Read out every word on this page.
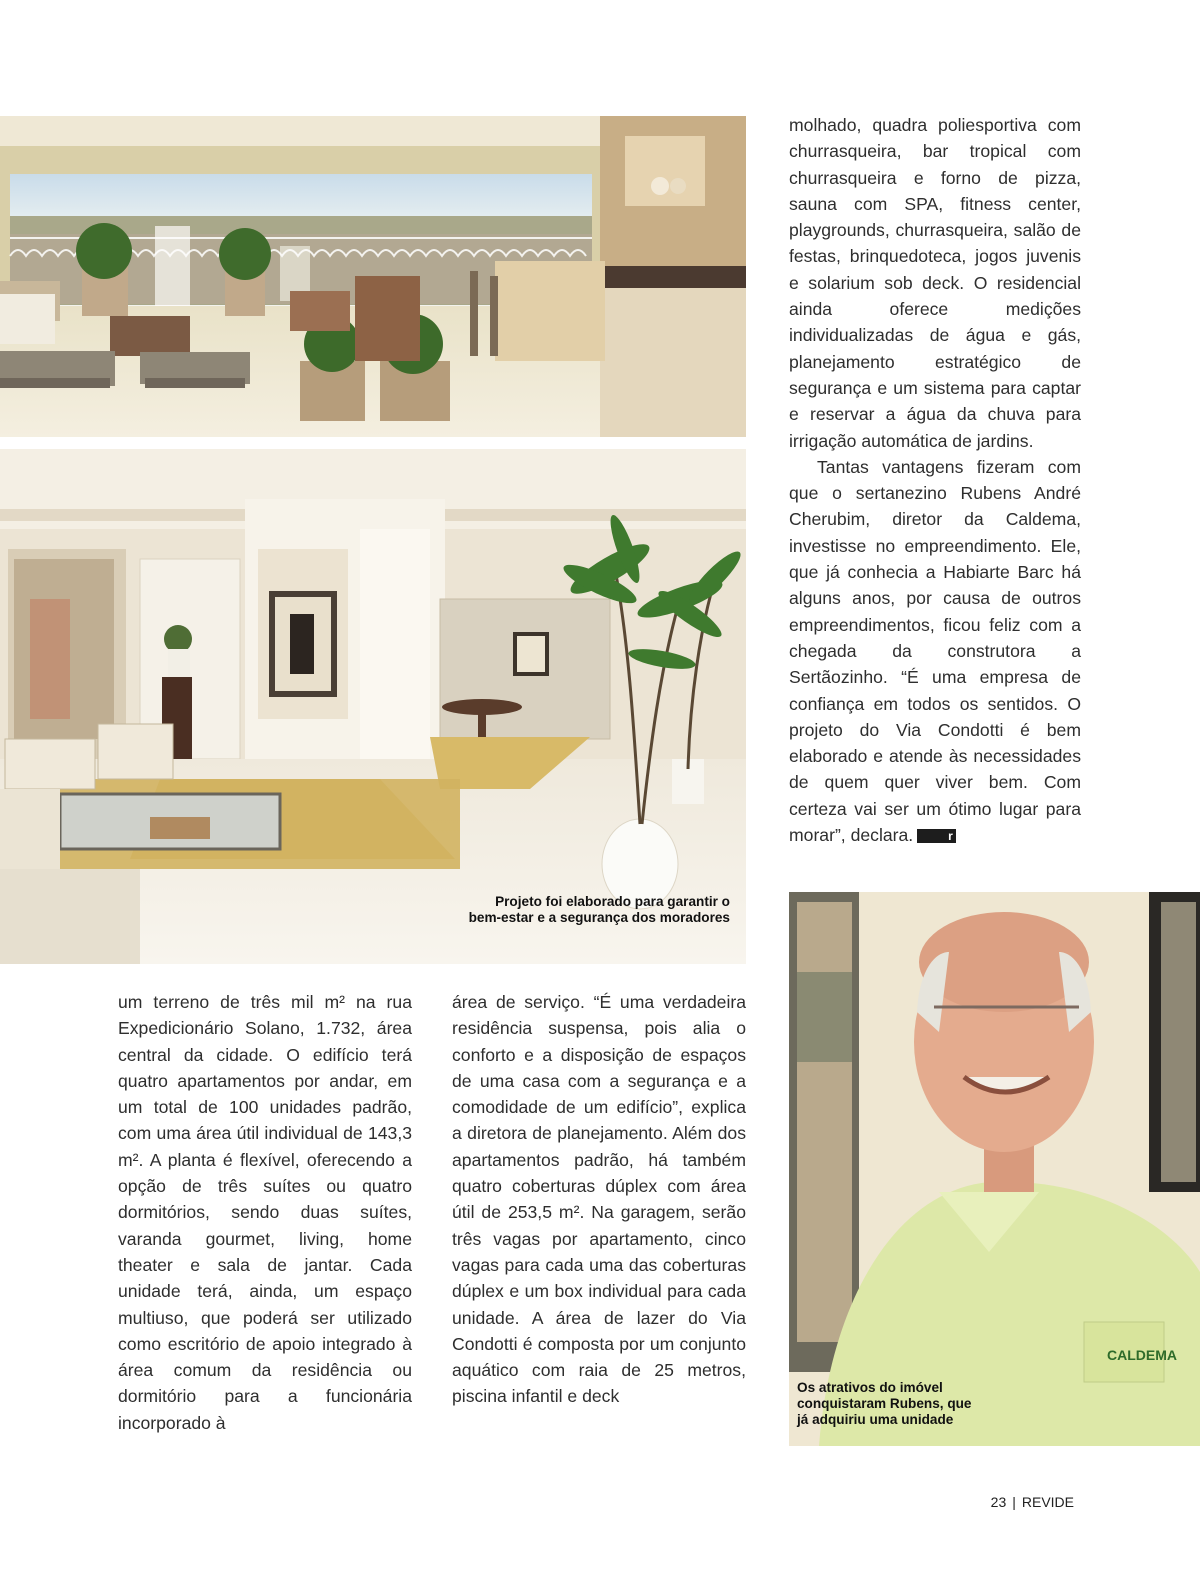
Projeto foi elaborado para garantir o
bem-estar e a segurança dos moradores

molhado, quadra poliesportiva com churrasqueira, bar tropical com churrasqueira e forno de pizza, sauna com SPA, fitness center, playgrounds, churrasqueira, salão de festas, brinquedoteca, jogos juvenis e solarium sob deck. O residencial ainda oferece medições individualizadas de água e gás, planejamento estratégico de segurança e um sistema para captar e reservar a água da chuva para irrigação automática de jardins.

Tantas vantagens fizeram com que o sertanezino Rubens André Cherubim, diretor da Caldema, investisse no empreendimento. Ele, que já conhecia a Habiarte Barc há alguns anos, por causa de outros empreendimentos, ficou feliz com a chegada da construtora a Sertãozinho. “É uma empresa de confiança em todos os sentidos. O projeto do Via Condotti é bem elaborado e atende às necessidades de quem quer viver bem. Com certeza vai ser um ótimo lugar para morar”, declara.	r

CALDEMA
Os atrativos do imóvel
conquistaram Rubens, que
já adquiriu uma unidade

um terreno de três mil m² na rua Expedicionário Solano, 1.732, área central da cidade. O edifício terá quatro apartamentos por andar, em um total de 100 unidades padrão, com uma área útil individual de 143,3 m². A planta é flexível, oferecendo a opção de três suítes ou quatro dormitórios, sendo duas suítes, varanda gourmet, living, home theater e sala de jantar. Cada unidade terá, ainda, um espaço multiuso, que poderá ser utilizado como escritório de apoio integrado à área comum da residência ou dormitório para a funcionária incorporado à

área de serviço. “É uma verdadeira residência suspensa, pois alia o conforto e a disposição de espaços de uma casa com a segurança e a comodidade de um edifício”, explica a diretora de planejamento. Além dos apartamentos padrão, há também quatro coberturas dúplex com área útil de 253,5 m². Na garagem, serão três vagas por apartamento, cinco vagas para cada uma das coberturas dúplex e um box individual para cada unidade. A área de lazer do Via Condotti é composta por um conjunto aquático com raia de 25 metros, piscina infantil e deck

23 | REVIDE
